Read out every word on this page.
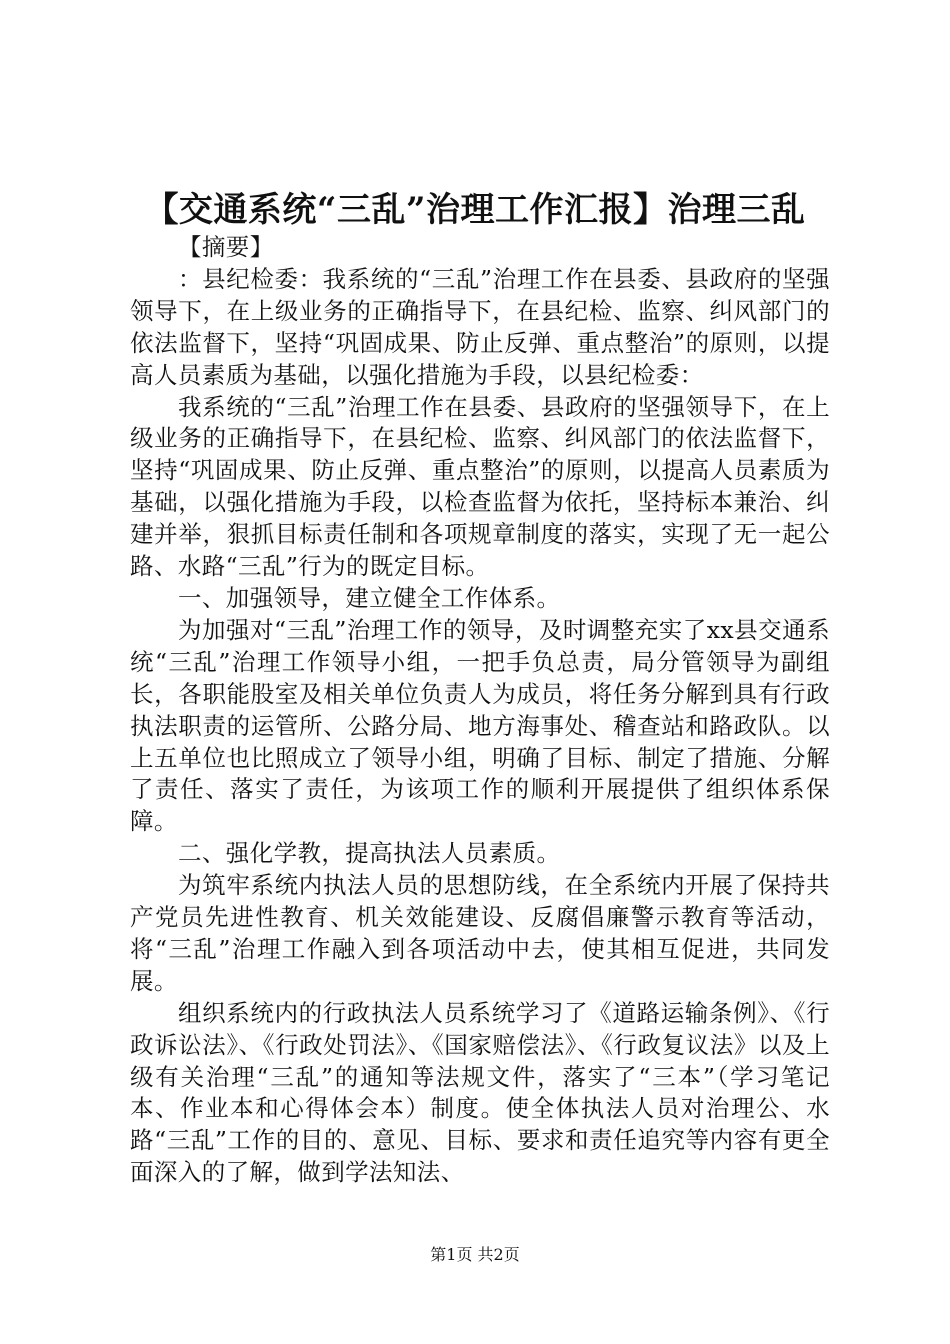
【交通系统“三乱”治理工作汇报】治理三乱

【摘要】

：县纪检委：我系统的“三乱”治理工作在县委、县政府的坚强领导下，在上级业务的正确指导下，在县纪检、监察、纠风部门的依法监督下，坚持“巩固成果、防止反弹、重点整治”的原则，以提高人员素质为基础，以强化措施为手段，以县纪检委：

我系统的“三乱”治理工作在县委、县政府的坚强领导下，在上级业务的正确指导下，在县纪检、监察、纠风部门的依法监督下，坚持“巩固成果、防止反弹、重点整治”的原则，以提高人员素质为基础，以强化措施为手段，以检查监督为依托，坚持标本兼治、纠建并举，狠抓目标责任制和各项规章制度的落实，实现了无一起公路、水路“三乱”行为的既定目标。

一、加强领导，建立健全工作体系。

为加强对“三乱”治理工作的领导，及时调整充实了xx县交通系统“三乱”治理工作领导小组，一把手负总责，局分管领导为副组长，各职能股室及相关单位负责人为成员，将任务分解到具有行政执法职责的运管所、公路分局、地方海事处、稽查站和路政队。以上五单位也比照成立了领导小组，明确了目标、制定了措施、分解了责任、落实了责任，为该项工作的顺利开展提供了组织体系保障。

二、强化学教，提高执法人员素质。

为筑牢系统内执法人员的思想防线，在全系统内开展了保持共产党员先进性教育、机关效能建设、反腐倡廉警示教育等活动，将“三乱”治理工作融入到各项活动中去，使其相互促进，共同发展。

组织系统内的行政执法人员系统学习了《道路运输条例》、《行政诉讼法》、《行政处罚法》、《国家赔偿法》、《行政复议法》以及上级有关治理“三乱”的通知等法规文件，落实了“三本”（学习笔记本、作业本和心得体会本）制度。使全体执法人员对治理公、水路“三乱”工作的目的、意见、目标、要求和责任追究等内容有更全面深入的了解，做到学法知法、

第1页 共2页
